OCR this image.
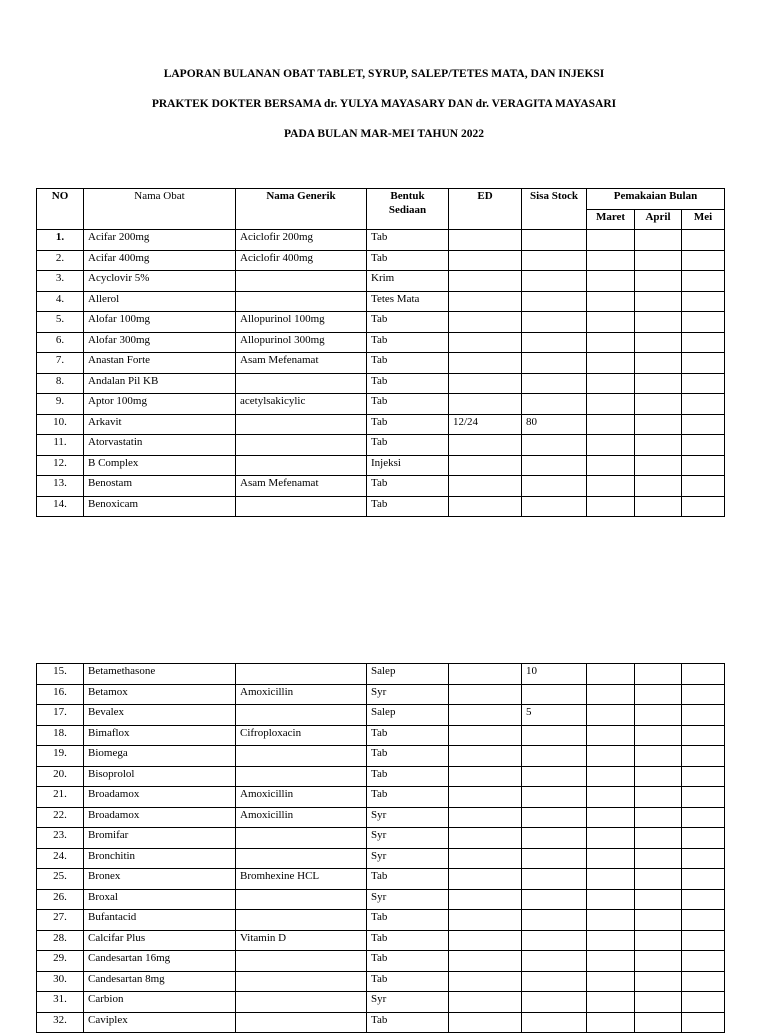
LAPORAN BULANAN OBAT TABLET, SYRUP, SALEP/TETES MATA, DAN INJEKSI
PRAKTEK DOKTER BERSAMA dr. YULYA MAYASARY DAN dr. VERAGITA MAYASARI
PADA BULAN MAR-MEI TAHUN 2022
NO	Nama Obat	Nama Generik	Bentuk
Sediaan	ED	Sisa Stock	Pemakaian Bulan		
						Maret	April	Mei
1.	Acifar 200mg	Aciclofir 200mg	Tab					
2.	Acifar 400mg	Aciclofir 400mg	Tab					
3.	Acyclovir 5%		Krim					
4.	Allerol		Tetes Mata					
5.	Alofar 100mg	Allopurinol 100mg	Tab					
6.	Alofar 300mg	Allopurinol 300mg	Tab					
7.	Anastan Forte	Asam Mefenamat	Tab					
8.	Andalan Pil KB		Tab					
9.	Aptor 100mg	acetylsakicylic	Tab					
10.	Arkavit		Tab	12/24	80			
11.	Atorvastatin		Tab					
12.	B Complex		Injeksi					
13.	Benostam	Asam Mefenamat	Tab					
14.	Benoxicam		Tab					
15.	Betamethasone		Salep		10			
16.	Betamox	Amoxicillin	Syr					
17.	Bevalex		Salep		5			
18.	Bimaflox	Cifroploxacin	Tab					
19.	Biomega		Tab					
20.	Bisoprolol		Tab					
21.	Broadamox	Amoxicillin	Tab					
22.	Broadamox	Amoxicillin	Syr					
23.	Bromifar		Syr					
24.	Bronchitin		Syr					
25.	Bronex	Bromhexine HCL	Tab					
26.	Broxal		Syr					
27.	Bufantacid		Tab					
28.	Calcifar Plus	Vitamin D	Tab					
29.	Candesartan 16mg		Tab					
30.	Candesartan 8mg		Tab					
31.	Carbion		Syr					
32.	Caviplex		Tab					
